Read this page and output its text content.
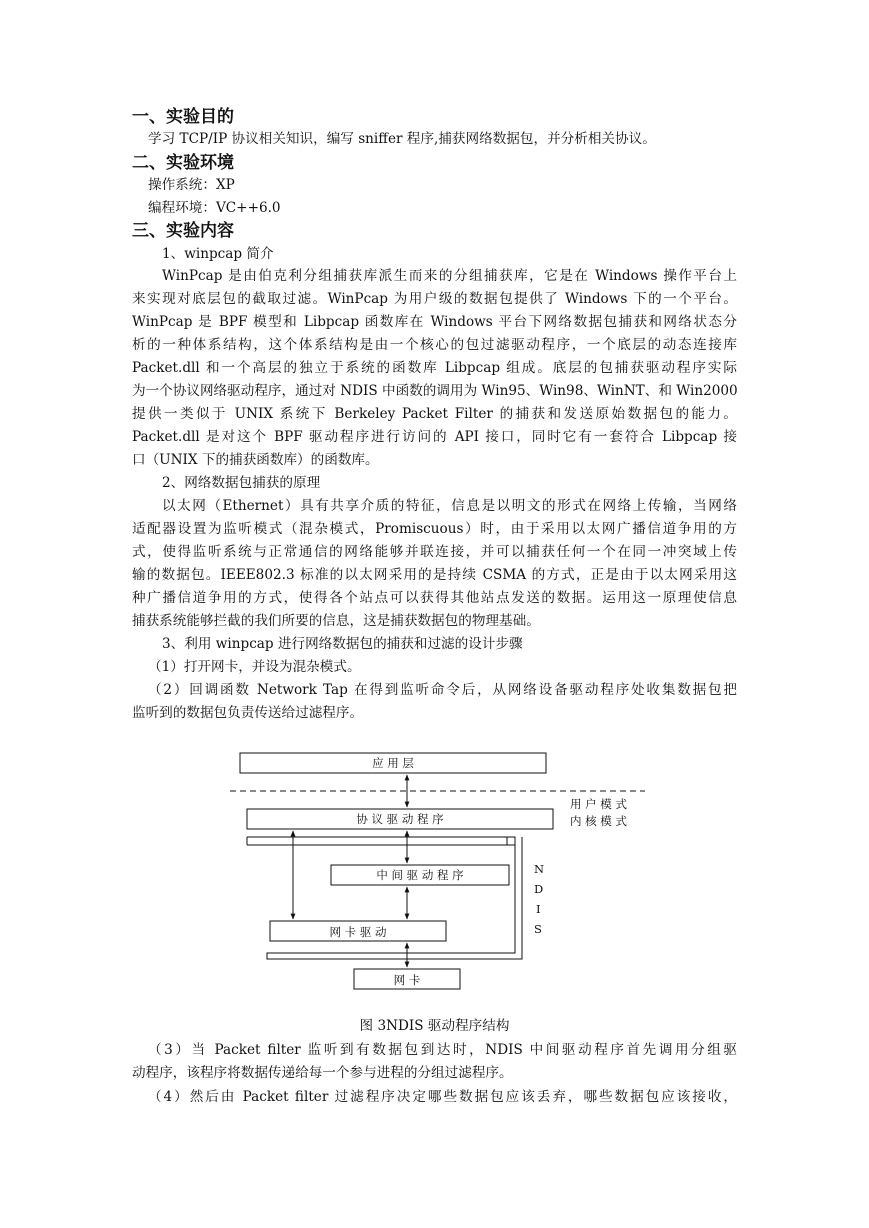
一、实验目的
学习 TCP/IP 协议相关知识，编写 sniffer 程序,捕获网络数据包，并分析相关协议。
二、实验环境
操作系统：XP
编程环境：VC++6.0
三、实验内容
1、winpcap 简介
WinPcap 是由伯克利分组捕获库派生而来的分组捕获库，它是在 Windows 操作平台上
来实现对底层包的截取过滤。WinPcap 为用户级的数据包提供了 Windows 下的一个平台。
WinPcap 是 BPF 模型和 Libpcap 函数库在 Windows 平台下网络数据包捕获和网络状态分
析的一种体系结构，这个体系结构是由一个核心的包过滤驱动程序，一个底层的动态连接库
Packet.dll 和一个高层的独立于系统的函数库 Libpcap 组成。底层的包捕获驱动程序实际
为一个协议网络驱动程序，通过对 NDIS 中函数的调用为 Win95、Win98、WinNT、和 Win2000
提供一类似于 UNIX 系统下 Berkeley Packet Filter 的捕获和发送原始数据包的能力。
Packet.dll 是对这个 BPF 驱动程序进行访问的 API 接口，同时它有一套符合 Libpcap 接
口（UNIX 下的捕获函数库）的函数库。
2、网络数据包捕获的原理
以太网（Ethernet）具有共享介质的特征，信息是以明文的形式在网络上传输，当网络
适配器设置为监听模式（混杂模式，Promiscuous）时，由于采用以太网广播信道争用的方
式，使得监听系统与正常通信的网络能够并联连接，并可以捕获任何一个在同一冲突域上传
输的数据包。IEEE802.3 标准的以太网采用的是持续 CSMA 的方式，正是由于以太网采用这
种广播信道争用的方式，使得各个站点可以获得其他站点发送的数据。运用这一原理使信息
捕获系统能够拦截的我们所要的信息，这是捕获数据包的物理基础。
3、利用 winpcap 进行网络数据包的捕获和过滤的设计步骤
（1）打开网卡，并设为混杂模式。
（2）回调函数 Network Tap 在得到监听命令后，从网络设备驱动程序处收集数据包把
监听到的数据包负责传送给过滤程序。
应 用 层
用 户 模 式
协 议 驱 动 程 序	内 核 模 式
N
D
I
S
中 间 驱 动 程 序
网 卡 驱 动
网 卡
图 3NDIS 驱动程序结构
（3）当 Packet filter 监听到有数据包到达时，NDIS 中间驱动程序首先调用分组驱
动程序，该程序将数据传递给每一个参与进程的分组过滤程序。
（4）然后由 Packet filter 过滤程序决定哪些数据包应该丢弃，哪些数据包应该接收，
